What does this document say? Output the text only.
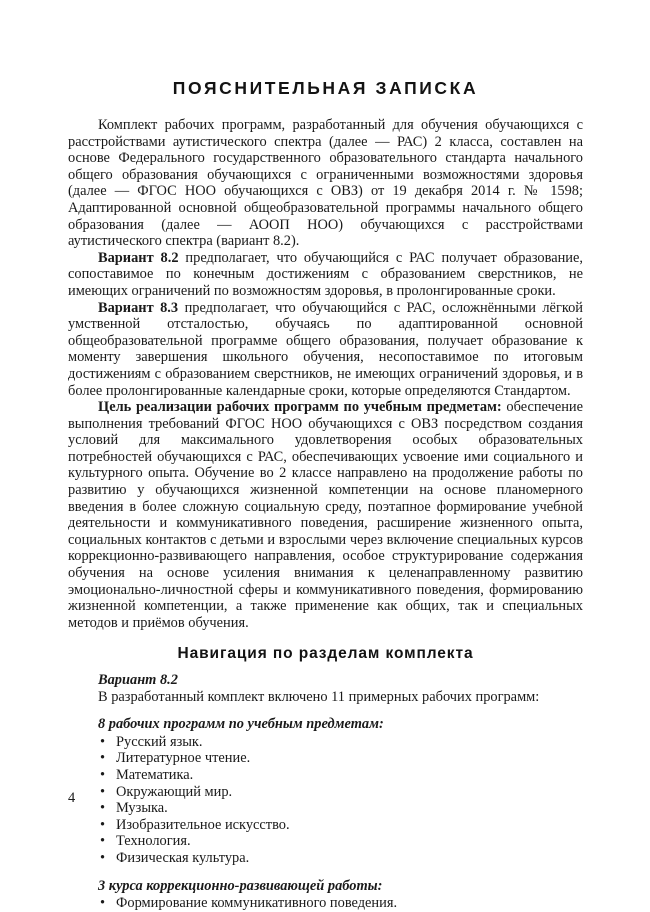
ПОЯСНИТЕЛЬНАЯ ЗАПИСКА

Комплект рабочих программ, разработанный для обучения обучающихся с расстройствами аутистического спектра (далее — РАС) 2 класса, составлен на основе Федерального государственного образовательного стандарта начального общего образования обучающихся с ограниченными возможностями здоровья (далее — ФГОС НОО обучающихся с ОВЗ) от 19 декабря 2014 г. № 1598; Адаптированной основной общеобразовательной программы начального общего образования (далее — АООП НОО) обучающихся с расстройствами аутистического спектра (вариант 8.2).

Вариант 8.2 предполагает, что обучающийся с РАС получает образование, сопоставимое по конечным достижениям с образованием сверстников, не имеющих ограничений по возможностям здоровья, в пролонгированные сроки.

Вариант 8.3 предполагает, что обучающийся с РАС, осложнёнными лёгкой умственной отсталостью, обучаясь по адаптированной основной общеобразовательной программе общего образования, получает образование к моменту завершения школьного обучения, несопоставимое по итоговым достижениям с образованием сверстников, не имеющих ограничений здоровья, и в более пролонгированные календарные сроки, которые определяются Стандартом.

Цель реализации рабочих программ по учебным предметам: обеспечение выполнения требований ФГОС НОО обучающихся с ОВЗ посредством создания условий для максимального удовлетворения особых образовательных потребностей обучающихся с РАС, обеспечивающих усвоение ими социального и культурного опыта. Обучение во 2 классе направлено на продолжение работы по развитию у обучающихся жизненной компетенции на основе планомерного введения в более сложную социальную среду, поэтапное формирование учебной деятельности и коммуникативного поведения, расширение жизненного опыта, социальных контактов с детьми и взрослыми через включение специальных курсов коррекционно-развивающего направления, особое структурирование содержания обучения на основе усиления внимания к целенаправленному развитию эмоционально-личностной сферы и коммуникативного поведения, формированию жизненной компетенции, а также применение как общих, так и специальных методов и приёмов обучения.

Навигация по разделам комплекта

Вариант 8.2

В разработанный комплект включено 11 примерных рабочих программ:

8 рабочих программ по учебным предметам:

• Русский язык.
• Литературное чтение.
• Математика.
• Окружающий мир.
• Музыка.
• Изобразительное искусство.
• Технология.
• Физическая культура.

3 курса коррекционно-развивающей работы:

• Формирование коммуникативного поведения.
4
